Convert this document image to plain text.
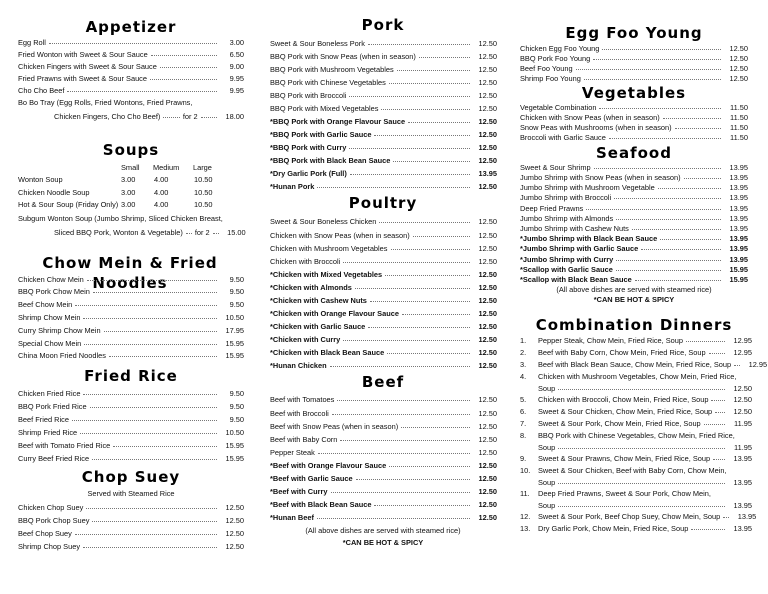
Appetizer
Egg Roll	3.00
Fried Wonton with Sweet & Sour Sauce	6.50
Chicken Fingers with Sweet & Sour Sauce	9.00
Fried Prawns with Sweet & Sour Sauce	9.95
Cho Cho Beef	9.95
Bo Bo Tray (Egg Rolls, Fried Wontons, Fried Prawns,
Chicken Fingers, Cho Cho Beef)	for 2	18.00
Soups
Small Medium Large
Wonton Soup	3.00	4.00	10.50
Chicken Noodle Soup	3.00	4.00	10.50
Hot & Sour Soup (Friday Only) 3.00	4.00	10.50
Subgum Wonton Soup (Jumbo Shrimp, Sliced Chicken Breast,
Sliced BBQ Pork, Wonton & Vegetable) for 2	15.00
Chow Mein & Fried Noodles
Chicken Chow Mein	9.50
BBQ Pork Chow Mein	9.50
Beef Chow Mein	9.50
Shrimp Chow Mein	10.50
Curry Shrimp Chow Mein	17.95
Special Chow Mein	15.95
China Moon Fried Noodles	15.95
Fried Rice
Chicken Fried Rice	9.50
BBQ Pork Fried Rice	9.50
Beef Fried Rice	9.50
Shrimp Fried Rice	10.50
Beef with Tomato Fried Rice	15.95
Curry Beef Fried Rice	15.95
Chop Suey
Served with Steamed Rice
Chicken Chop Suey	12.50
BBQ Pork Chop Suey	12.50
Beef Chop Suey	12.50
Shrimp Chop Suey	12.50
Pork
Sweet & Sour Boneless Pork	12.50
BBQ Pork with Snow Peas (when in season)	12.50
BBQ Pork with Mushroom Vegetables	12.50
BBQ Pork with Chinese Vegetables	12.50
BBQ Pork with Broccoli	12.50
BBQ Pork with Mixed Vegetables	12.50
*BBQ Pork with Orange Flavour Sauce	12.50
*BBQ Pork with Garlic Sauce	12.50
*BBQ Pork with Curry	12.50
*BBQ Pork with Black Bean Sauce	12.50
*Dry Garlic Pork (Full)	13.95
*Hunan Pork	12.50
Poultry
Sweet & Sour Boneless Chicken	12.50
Chicken with Snow Peas (when in season)	12.50
Chicken with Mushroom Vegetables	12.50
Chicken with Broccoli	12.50
*Chicken with Mixed Vegetables	12.50
*Chicken with Almonds	12.50
*Chicken with Cashew Nuts	12.50
*Chicken with Orange Flavour Sauce	12.50
*Chicken with Garlic Sauce	12.50
*Chicken with Curry	12.50
*Chicken with Black Bean Sauce	12.50
*Hunan Chicken	12.50
Beef
Beef with Tomatoes	12.50
Beef with Broccoli	12.50
Beef with Snow Peas (when in season)	12.50
Beef with Baby Corn	12.50
Pepper Steak	12.50
*Beef with Orange Flavour Sauce	12.50
*Beef with Garlic Sauce	12.50
*Beef with Curry	12.50
*Beef with Black Bean Sauce	12.50
*Hunan Beef	12.50
(All above dishes are served with steamed rice)
*CAN BE HOT & SPICY
Egg Foo Young
Chicken Egg Foo Young	12.50
BBQ Pork Foo Young	12.50
Beef Foo Young	12.50
Shrimp Foo Young	12.50
Vegetables
Vegetable Combination	11.50
Chicken with Snow Peas (when in season)	11.50
Snow Peas with Mushrooms (when in season)	11.50
Broccoli with Garlic Sauce	11.50
Seafood
Sweet & Sour Shrimp	13.95
Jumbo Shrimp with Snow Peas (when in season)	13.95
Jumbo Shrimp with Mushroom Vegetable	13.95
Jumbo Shrimp with Broccoli	13.95
Deep Fried Prawns	13.95
Jumbo Shrimp with Almonds	13.95
Jumbo Shrimp with Cashew Nuts	13.95
*Jumbo Shrimp with Black Bean Sauce	13.95
*Jumbo Shrimp with Garlic Sauce	13.95
*Jumbo Shrimp with Curry	13.95
*Scallop with Garlic Sauce	15.95
*Scallop with Black Bean Sauce	15.95
(All above dishes are served with steamed rice)
*CAN BE HOT & SPICY
Combination Dinners
1.	Pepper Steak, Chow Mein, Fried Rice, Soup	12.95
2.	Beef with Baby Corn, Chow Mein, Fried Rice, Soup	12.95
3.	Beef with Black Bean Sauce, Chow Mein, Fried Rice, Soup	12.95
4.	Chicken with Mushroom Vegetables, Chow Mein, Fried Rice,
Soup	12.50
5.	Chicken with Broccoli, Chow Mein, Fried Rice, Soup	12.50
6.	Sweet & Sour Chicken, Chow Mein, Fried Rice, Soup	12.50
7.	Sweet & Sour Pork, Chow Mein, Fried Rice, Soup	11.95
8.	BBQ Pork with Chinese Vegetables, Chow Mein, Fried Rice,
Soup	11.95
9.	Sweet & Sour Prawns, Chow Mein, Fried Rice, Soup	13.95
10.	Sweet & Sour Chicken, Beef with Baby Corn, Chow Mein,
Soup	13.95
11.	Deep Fried Prawns, Sweet & Sour Pork, Chow Mein,
Soup	13.95
12.	Sweet & Sour Pork, Beef Chop Suey, Chow Mein, Soup	13.95
13.	Dry Garlic Pork, Chow Mein, Fried Rice, Soup	13.95
